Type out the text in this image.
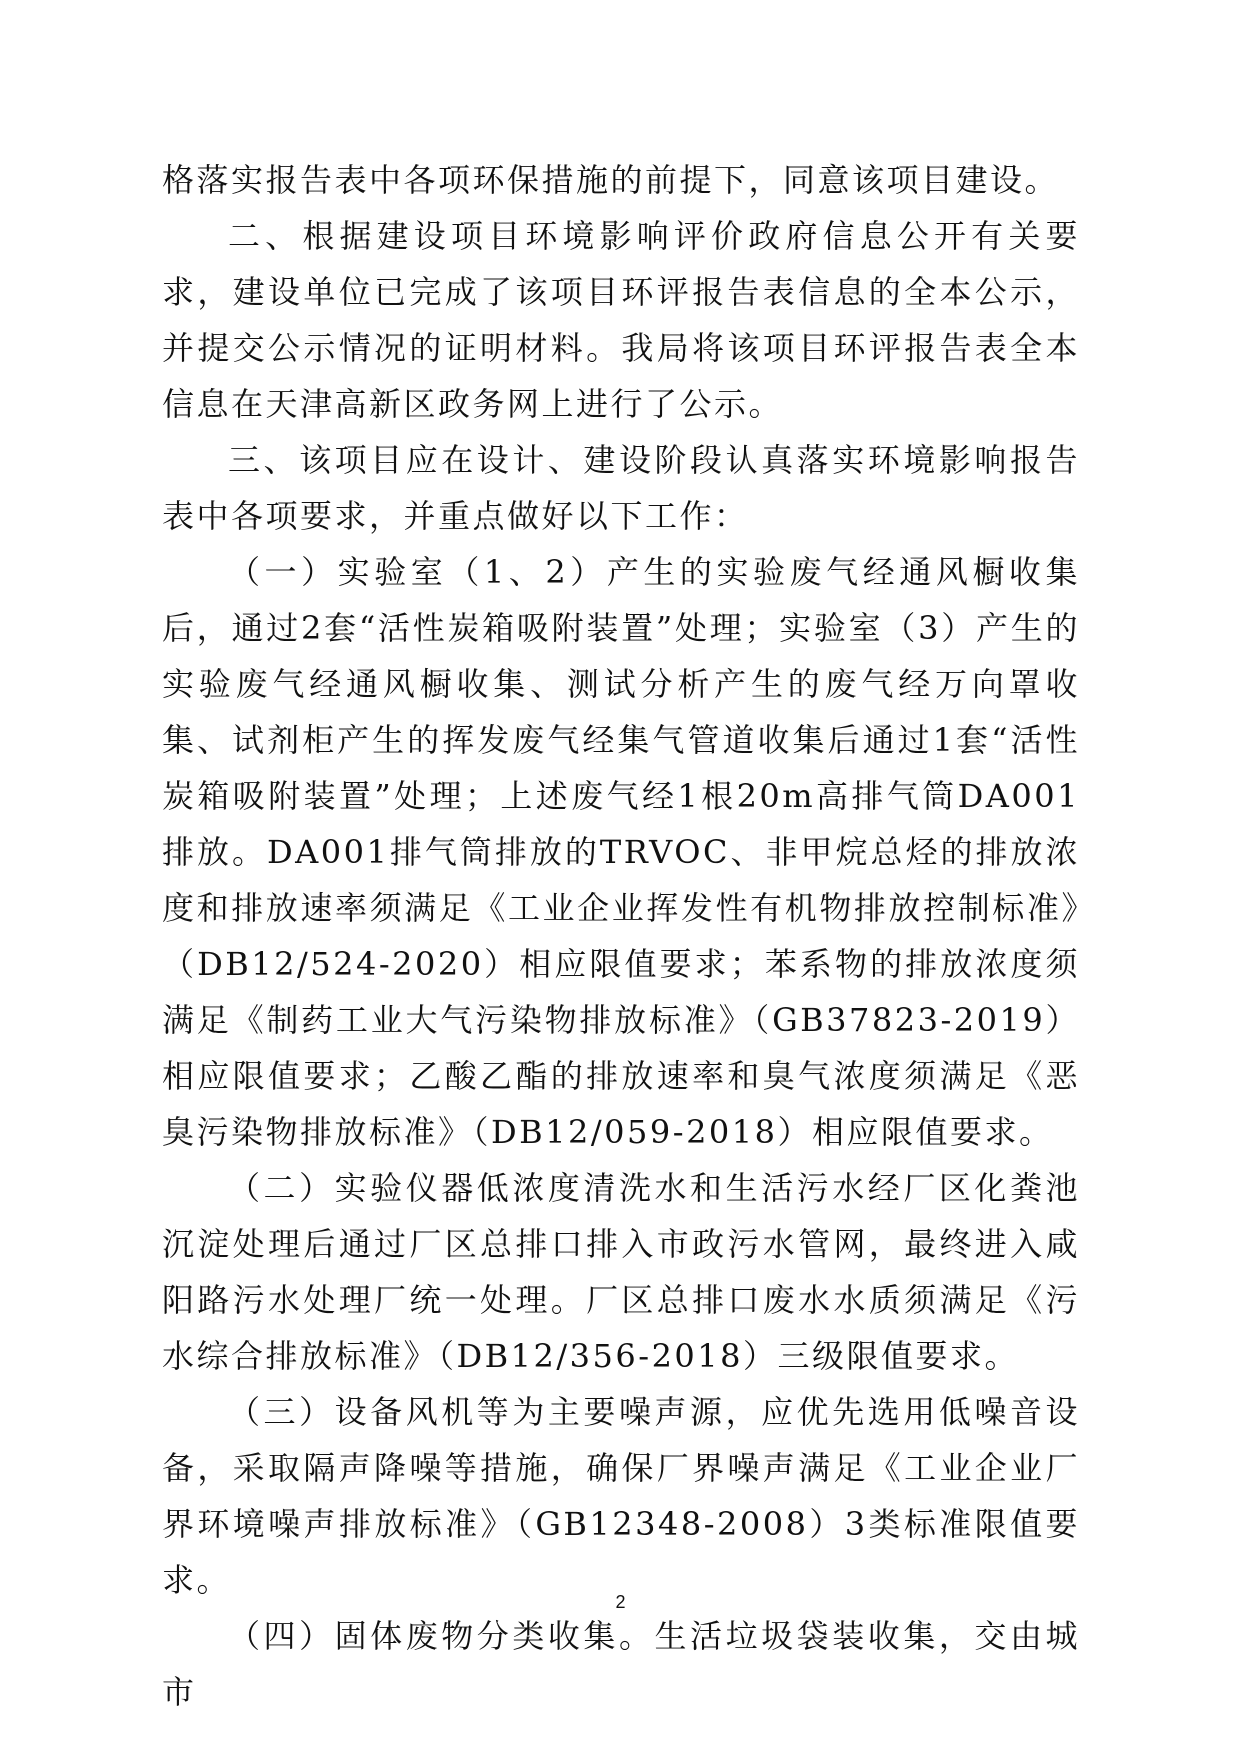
格落实报告表中各项环保措施的前提下，同意该项目建设。

二、根据建设项目环境影响评价政府信息公开有关要求，建设单位已完成了该项目环评报告表信息的全本公示，并提交公示情况的证明材料。我局将该项目环评报告表全本信息在天津高新区政务网上进行了公示。

三、该项目应在设计、建设阶段认真落实环境影响报告表中各项要求，并重点做好以下工作：

（一）实验室（1、2）产生的实验废气经通风橱收集后，通过2套“活性炭箱吸附装置”处理；实验室（3）产生的实验废气经通风橱收集、测试分析产生的废气经万向罩收集、试剂柜产生的挥发废气经集气管道收集后通过1套“活性炭箱吸附装置”处理；上述废气经1根20m高排气筒DA001排放。DA001排气筒排放的TRVOC、非甲烷总烃的排放浓度和排放速率须满足《工业企业挥发性有机物排放控制标准》（DB12/524-2020）相应限值要求；苯系物的排放浓度须满足《制药工业大气污染物排放标准》（GB37823-2019）相应限值要求；乙酸乙酯的排放速率和臭气浓度须满足《恶臭污染物排放标准》（DB12/059-2018）相应限值要求。

（二）实验仪器低浓度清洗水和生活污水经厂区化粪池沉淀处理后通过厂区总排口排入市政污水管网，最终进入咸阳路污水处理厂统一处理。厂区总排口废水水质须满足《污水综合排放标准》（DB12/356-2018）三级限值要求。

（三）设备风机等为主要噪声源，应优先选用低噪音设备，采取隔声降噪等措施，确保厂界噪声满足《工业企业厂界环境噪声排放标准》（GB12348-2008）3类标准限值要求。

（四）固体废物分类收集。生活垃圾袋装收集，交由城市

2
